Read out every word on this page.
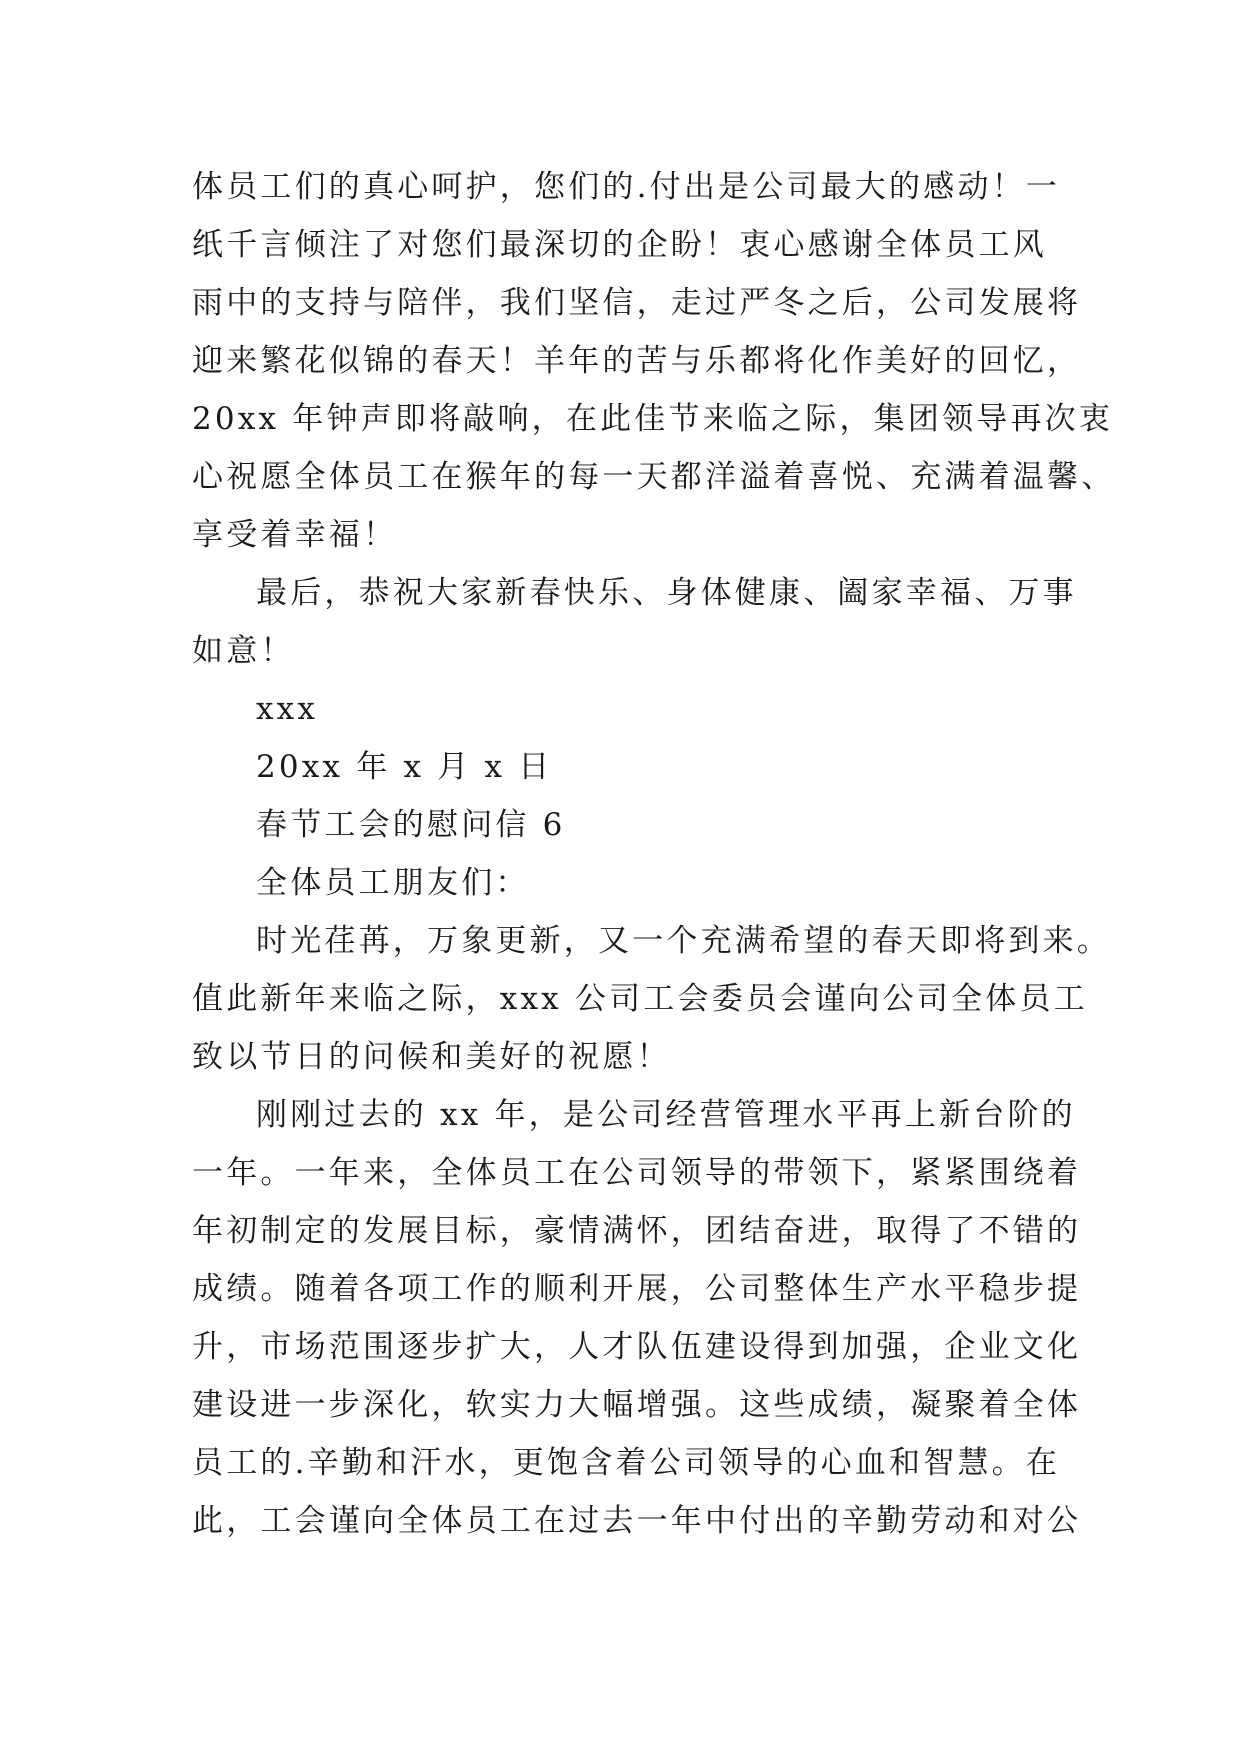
体员工们的真心呵护，您们的.付出是公司最大的感动！一
纸千言倾注了对您们最深切的企盼！衷心感谢全体员工风
雨中的支持与陪伴，我们坚信，走过严冬之后，公司发展将
迎来繁花似锦的春天！羊年的苦与乐都将化作美好的回忆，
20xx 年钟声即将敲响，在此佳节来临之际，集团领导再次衷
心祝愿全体员工在猴年的每一天都洋溢着喜悦、充满着温馨、
享受着幸福！
最后，恭祝大家新春快乐、身体健康、阖家幸福、万事
如意！
xxx
20xx 年 x 月 x 日
春节工会的慰问信 6
全体员工朋友们：
时光荏苒，万象更新，又一个充满希望的春天即将到来。
值此新年来临之际，xxx 公司工会委员会谨向公司全体员工
致以节日的问候和美好的祝愿！
刚刚过去的 xx 年，是公司经营管理水平再上新台阶的
一年。一年来，全体员工在公司领导的带领下，紧紧围绕着
年初制定的发展目标，豪情满怀，团结奋进，取得了不错的
成绩。随着各项工作的顺利开展，公司整体生产水平稳步提
升，市场范围逐步扩大，人才队伍建设得到加强，企业文化
建设进一步深化，软实力大幅增强。这些成绩，凝聚着全体
员工的.辛勤和汗水，更饱含着公司领导的心血和智慧。在
此，工会谨向全体员工在过去一年中付出的辛勤劳动和对公
